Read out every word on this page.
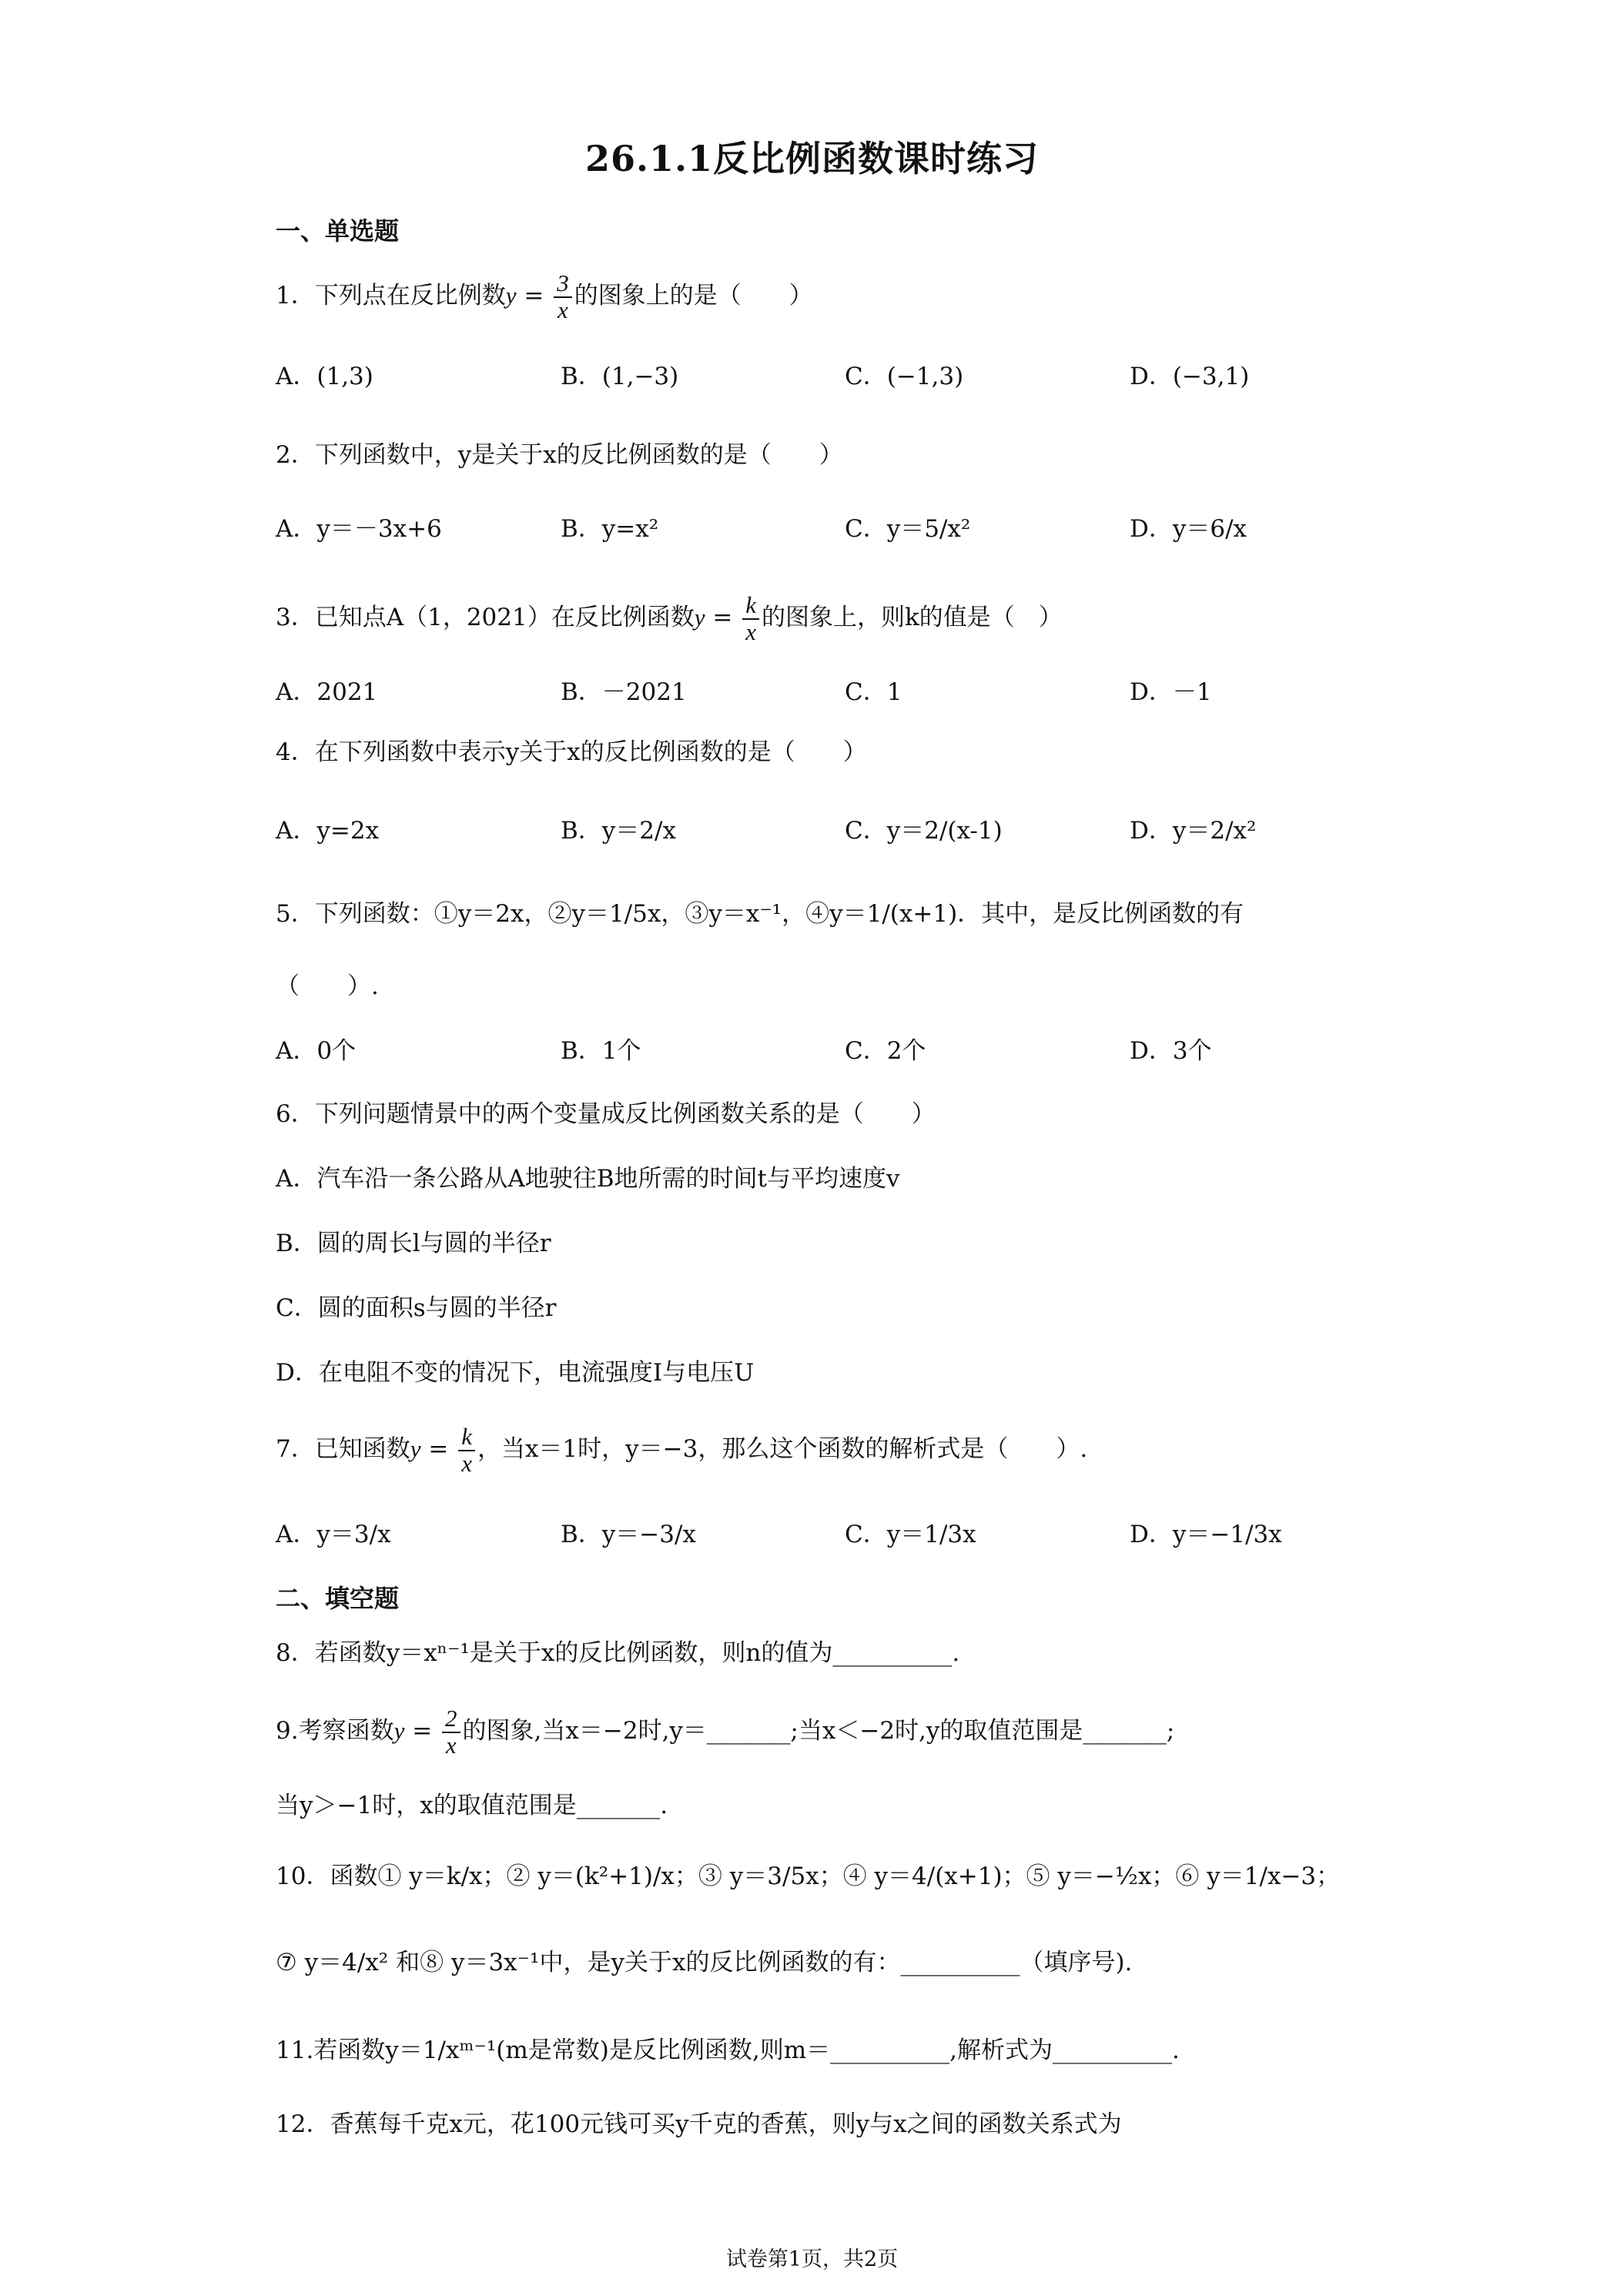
26.1.1反比例函数课时练习
一、单选题
1．下列点在反比例数$y = \frac{3}{x}$ 的图象上的是（　　）
A．(1,3)	B．(1,−3)	C．(−1,3)	D．(−3,1)
2．下列函数中，y是关于x的反比例函数的是（　　）
A．y＝－3x+6	B．y=x²	C．y＝5/x²	D．y＝6/x
3．已知点A（1，2021）在反比例函数$y = \frac{k}{x}$ 的图象上，则k的值是（　）
A．2021	B．－2021	C．1	D．－1
4．在下列函数中表示y关于x的反比例函数的是（　　）
A．y=2x	B．y＝2/x	C．y＝2/(x-1)	D．y＝2/x²
5．下列函数：①y＝2x，②y＝1/5x，③y＝x⁻¹，④y＝1/(x+1)．其中，是反比例函数的有
（　　）.
A．0个	B．1个	C．2个	D．3个
6．下列问题情景中的两个变量成反比例函数关系的是（　　）
A．汽车沿一条公路从A地驶往B地所需的时间t与平均速度v
B．圆的周长l与圆的半径r
C．圆的面积s与圆的半径r
D．在电阻不变的情况下，电流强度I与电压U
7．已知函数$y = \frac{k}{x}$ ，当x＝1时，y＝−3，那么这个函数的解析式是（　　）.
A．y＝3/x	B．y＝−3/x	C．y＝1/3x	D．y＝−1/3x
二、填空题
8．若函数y＝xⁿ⁻¹是关于x的反比例函数，则n的值为__________.
9.考察函数$y = \frac{2}{x}$ 的图象,当x＝−2时,y＝_______;当x＜−2时,y的取值范围是_______;
当y＞−1时，x的取值范围是_______.
10．函数① y＝k/x；② y＝(k²+1)/x；③ y＝3/5x；④ y＝4/(x+1)；⑤ y＝−½x；⑥ y＝1/x−3；
⑦ y＝4/x² 和⑧ y＝3x⁻¹中，是y关于x的反比例函数的有：__________（填序号).
11.若函数y＝1/xᵐ⁻¹(m是常数)是反比例函数,则m＝__________,解析式为__________.
12．香蕉每千克x元，花100元钱可买y千克的香蕉，则y与x之间的函数关系式为
试卷第1页，共2页
